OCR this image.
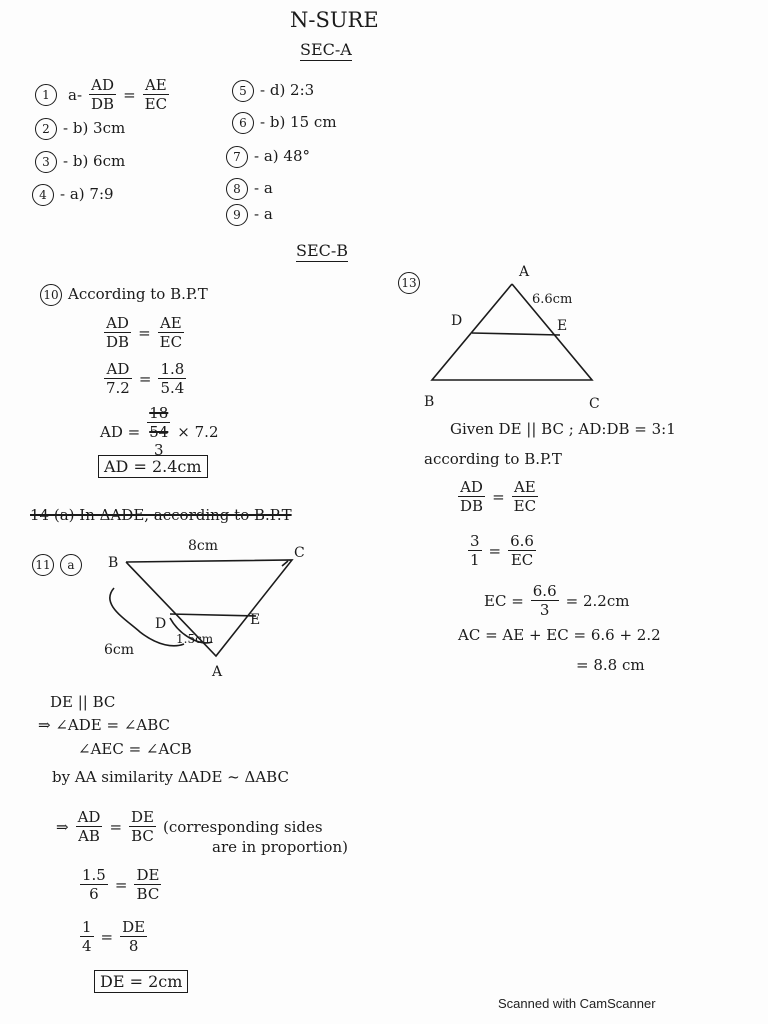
N-SURE
SEC-A
1	$a- \frac{AD}{DB} = \frac{AE}{EC}$
2 - b) 3cm
3 - b) 6cm
4 - a) 7:9
5 - d) 2:3
6 - b) 15 cm
7 - a) 48°
8 - a
9 - a
SEC-B
10 According to B.P.T
$\frac{AD}{DB} = \frac{AE}{EC}$
$\frac{AD}{7.2} = \frac{1.8}{5.4}$
AD =
18
54
3
× 7.2
AD = 2.4cm
13
A
D	E
6.6cm
B	C
Given DE || BC ; AD:DB = 3:1
according to B.P.T
$\frac{AD}{DB} = \frac{AE}{EC}$
$\frac{3}{1} = \frac{6.6}{EC}$
EC = $\frac{6.6}{3} = 2.2cm$
AC = AE + EC = 6.6 + 2.2
= 8.8 cm
14 (a) In ΔADE, according to B.P.T
11 a	B
C
8cm
D	E
A
1.5cm
6cm
DE || BC
⇒ ∠ADE = ∠ABC
∠AEC = ∠ACB
by AA similarity ΔADE ~ ΔABC
⇒ $\frac{AD}{AB} = \frac{DE}{BC}$ (corresponding sides
are in proportion)
$\frac{1.5}{6} = \frac{DE}{BC}$
$\frac{1}{4} = \frac{DE}{8}$
DE = 2cm
Scanned with CamScanner
